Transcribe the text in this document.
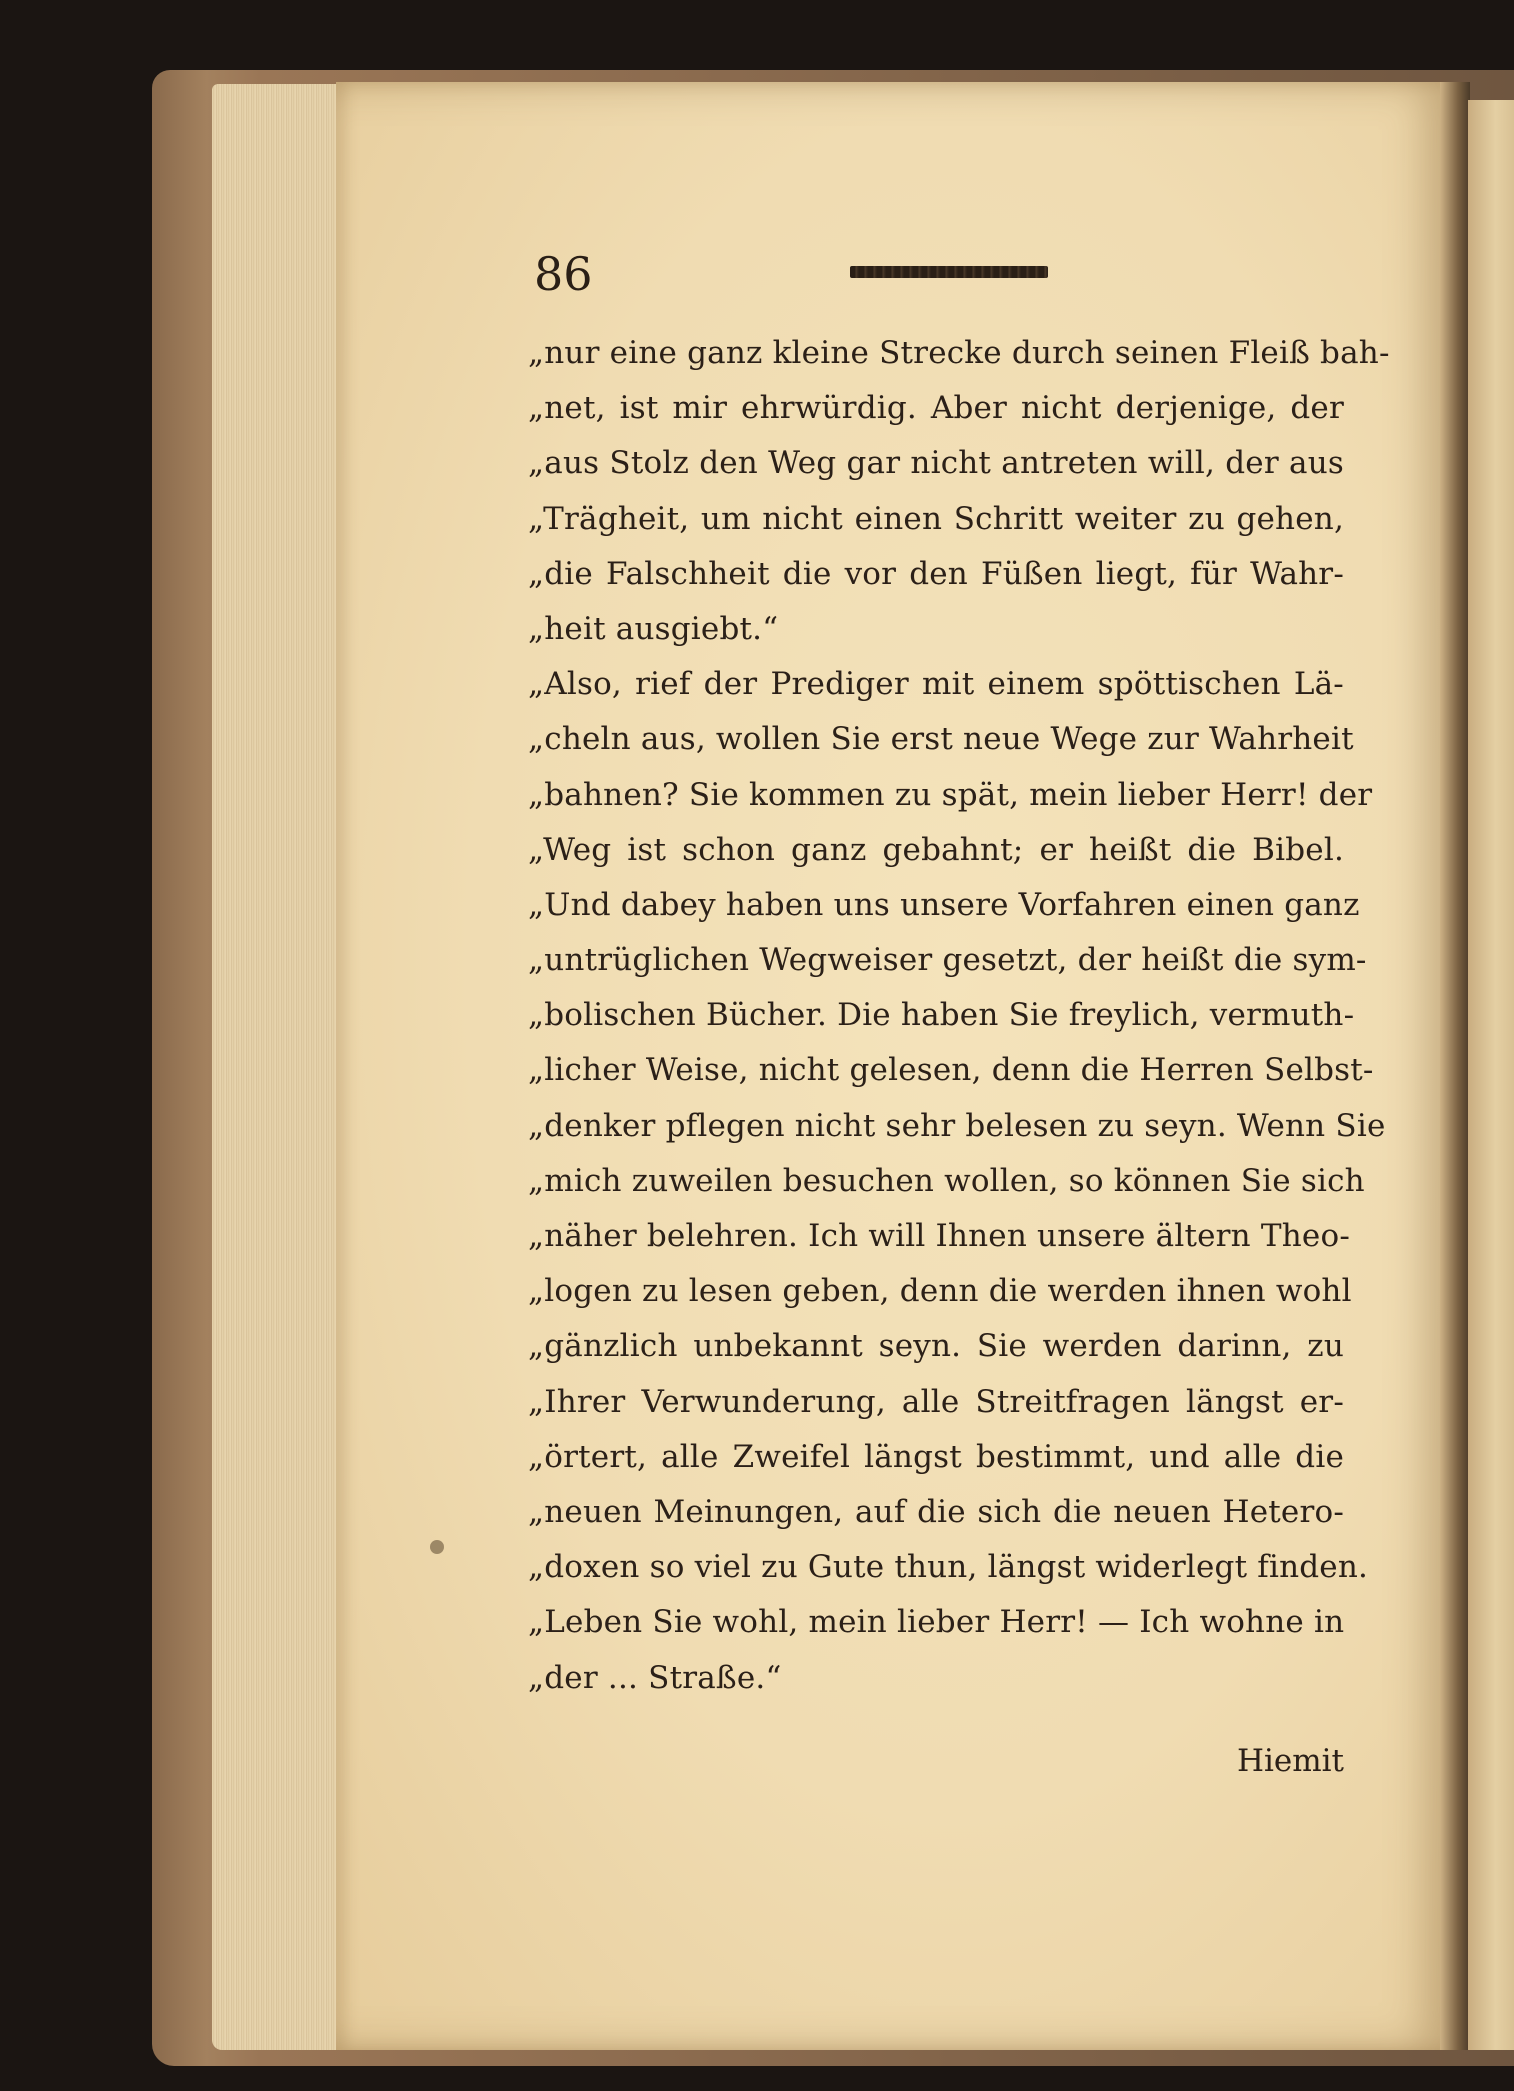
86
„nur eine ganz kleine Strecke durch seinen Fleiß bah-
„net, ist mir ehrwürdig. Aber nicht derjenige, der
„aus Stolz den Weg gar nicht antreten will, der aus
„Trägheit, um nicht einen Schritt weiter zu gehen,
„die Falschheit die vor den Füßen liegt, für Wahr-
„heit ausgiebt.“
„Also, rief der Prediger mit einem spöttischen Lä-
„cheln aus, wollen Sie erst neue Wege zur Wahrheit
„bahnen? Sie kommen zu spät, mein lieber Herr! der
„Weg ist schon ganz gebahnt; er heißt die Bibel.
„Und dabey haben uns unsere Vorfahren einen ganz
„untrüglichen Wegweiser gesetzt, der heißt die sym-
„bolischen Bücher. Die haben Sie freylich, vermuth-
„licher Weise, nicht gelesen, denn die Herren Selbst-
„denker pflegen nicht sehr belesen zu seyn. Wenn Sie
„mich zuweilen besuchen wollen, so können Sie sich
„näher belehren. Ich will Ihnen unsere ältern Theo-
„logen zu lesen geben, denn die werden ihnen wohl
„gänzlich unbekannt seyn. Sie werden darinn, zu
„Ihrer Verwunderung, alle Streitfragen längst er-
„örtert, alle Zweifel längst bestimmt, und alle die
„neuen Meinungen, auf die sich die neuen Hetero-
„doxen so viel zu Gute thun, längst widerlegt finden.
„Leben Sie wohl, mein lieber Herr! — Ich wohne in
„der ... Straße.“
Hiemit
